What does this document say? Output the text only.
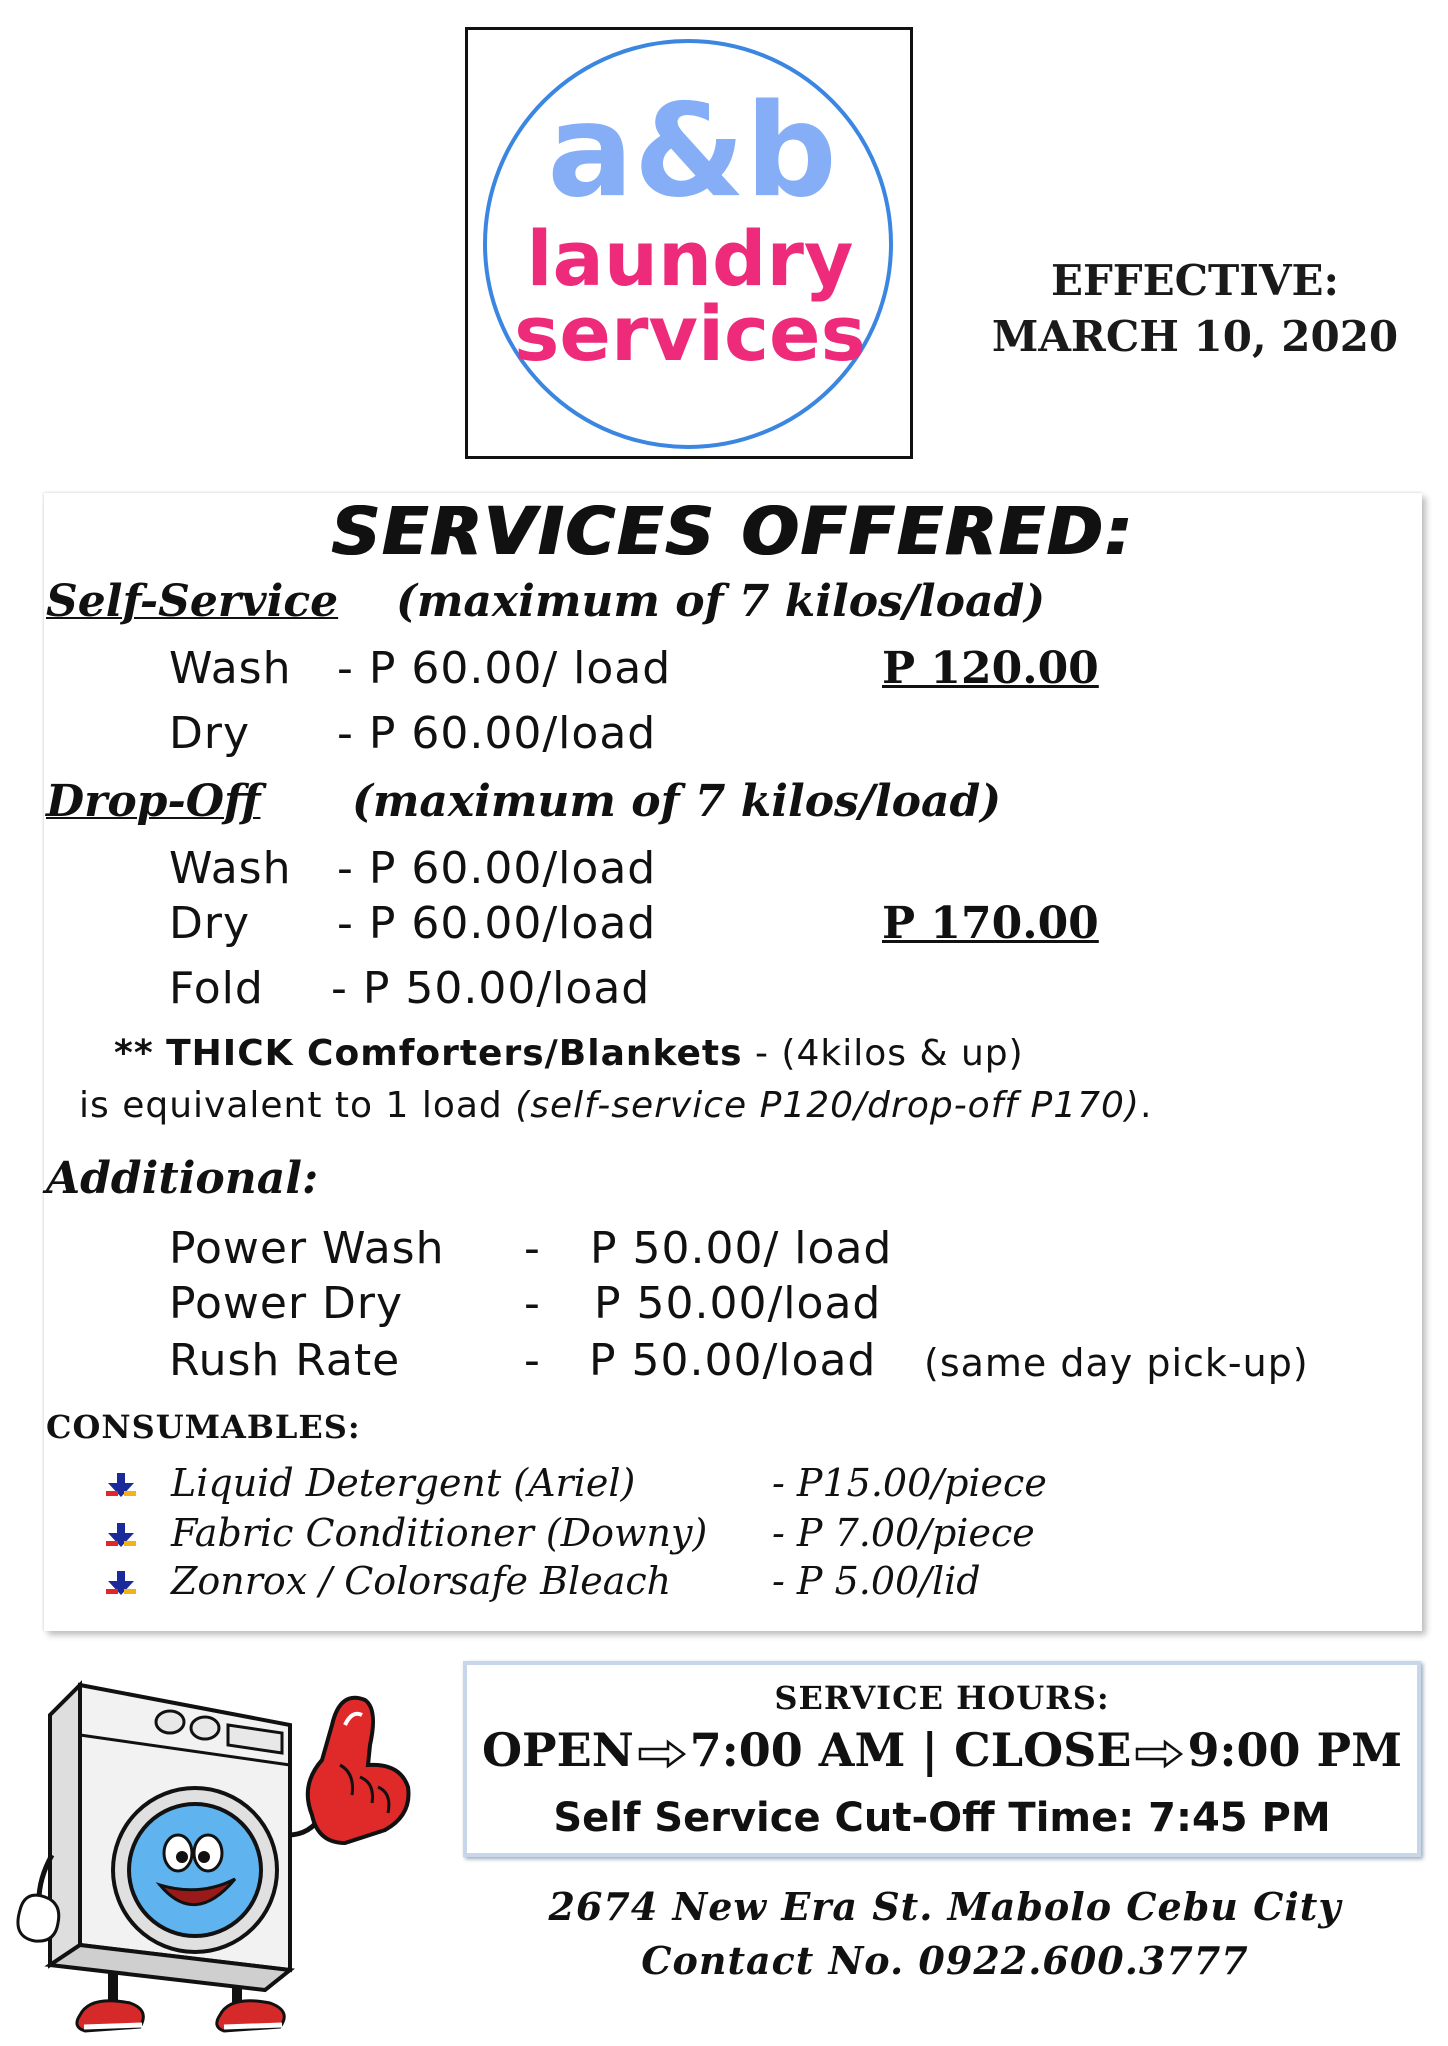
a&b
laundry
services
EFFECTIVE:
MARCH 10, 2020
SERVICES OFFERED:
Self-Service (maximum of 7 kilos/load)
Wash - P 60.00/ load	P 120.00
Dry - P 60.00/load
Drop-Off (maximum of 7 kilos/load)
Wash - P 60.00/load
Dry - P 60.00/load	P 170.00
Fold - P 50.00/load
** THICK Comforters/Blankets - (4kilos & up)
is equivalent to 1 load (self-service P120/drop-off P170).
Additional:
Power Wash - P 50.00/ load
Power Dry	- P 50.00/load
Rush Rate	- P 50.00/load (same day pick-up)
CONSUMABLES:
Liquid Detergent (Ariel)	- P15.00/piece
Fabric Conditioner (Downy) - P 7.00/piece
Zonrox / Colorsafe Bleach	- P 5.00/lid
SERVICE HOURS:
OPEN 7:00 AM | CLOSE 9:00 PM
Self Service Cut-Off Time: 7:45 PM
2674 New Era St. Mabolo Cebu City
Contact No. 0922.600.3777
